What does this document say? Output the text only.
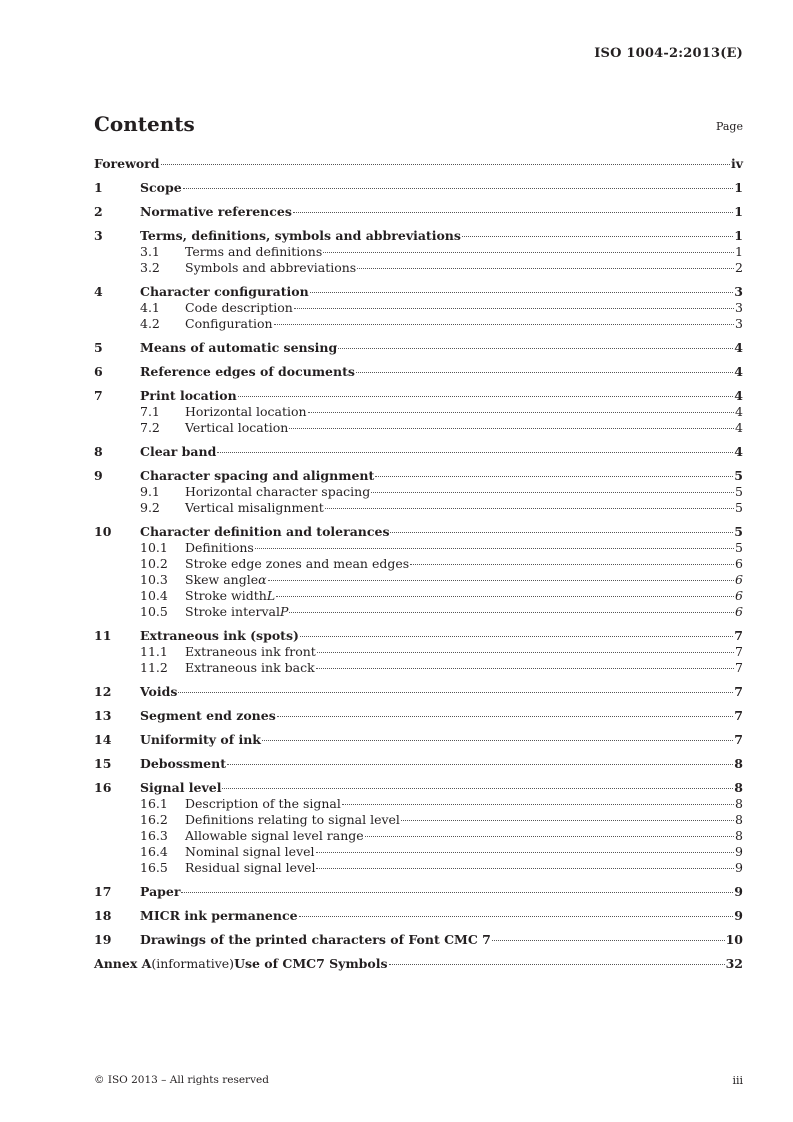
ISO 1004-2:2013(E)
Contents	Page
Foreword	iv
1	Scope	1
2	Normative references	1
3	Terms, definitions, symbols and abbreviations	1
3.1 Terms and definitions	1
3.2 Symbols and abbreviations	2
4	Character configuration	3
4.1 Code description	3
4.2 Configuration	3
5	Means of automatic sensing	4
6	Reference edges of documents	4
7	Print location	4
7.1 Horizontal location	4
7.2 Vertical location	4
8	Clear band	4
9	Character spacing and alignment	5
9.1 Horizontal character spacing	5
9.2 Vertical misalignment	5
10 Character definition and tolerances	5
10.1 Definitions	5
10.2 Stroke edge zones and mean edges	6
10.3 Skew angle α	6
10.4 Stroke width L	6
10.5 Stroke interval P	6
11 Extraneous ink (spots)	7
11.1 Extraneous ink front	7
11.2 Extraneous ink back	7
12 Voids	7
13 Segment end zones	7
14 Uniformity of ink	7
15 Debossment	8
16 Signal level	8
16.1 Description of the signal	8
16.2 Definitions relating to signal level	8
16.3 Allowable signal level range	8
16.4 Nominal signal level	9
16.5 Residual signal level	9
17 Paper	9
18 MICR ink permanence	9
19 Drawings of the printed characters of Font CMC 7	10
Annex A (informative) Use of CMC7 Symbols	32
© ISO 2013 – All rights reserved	iii
